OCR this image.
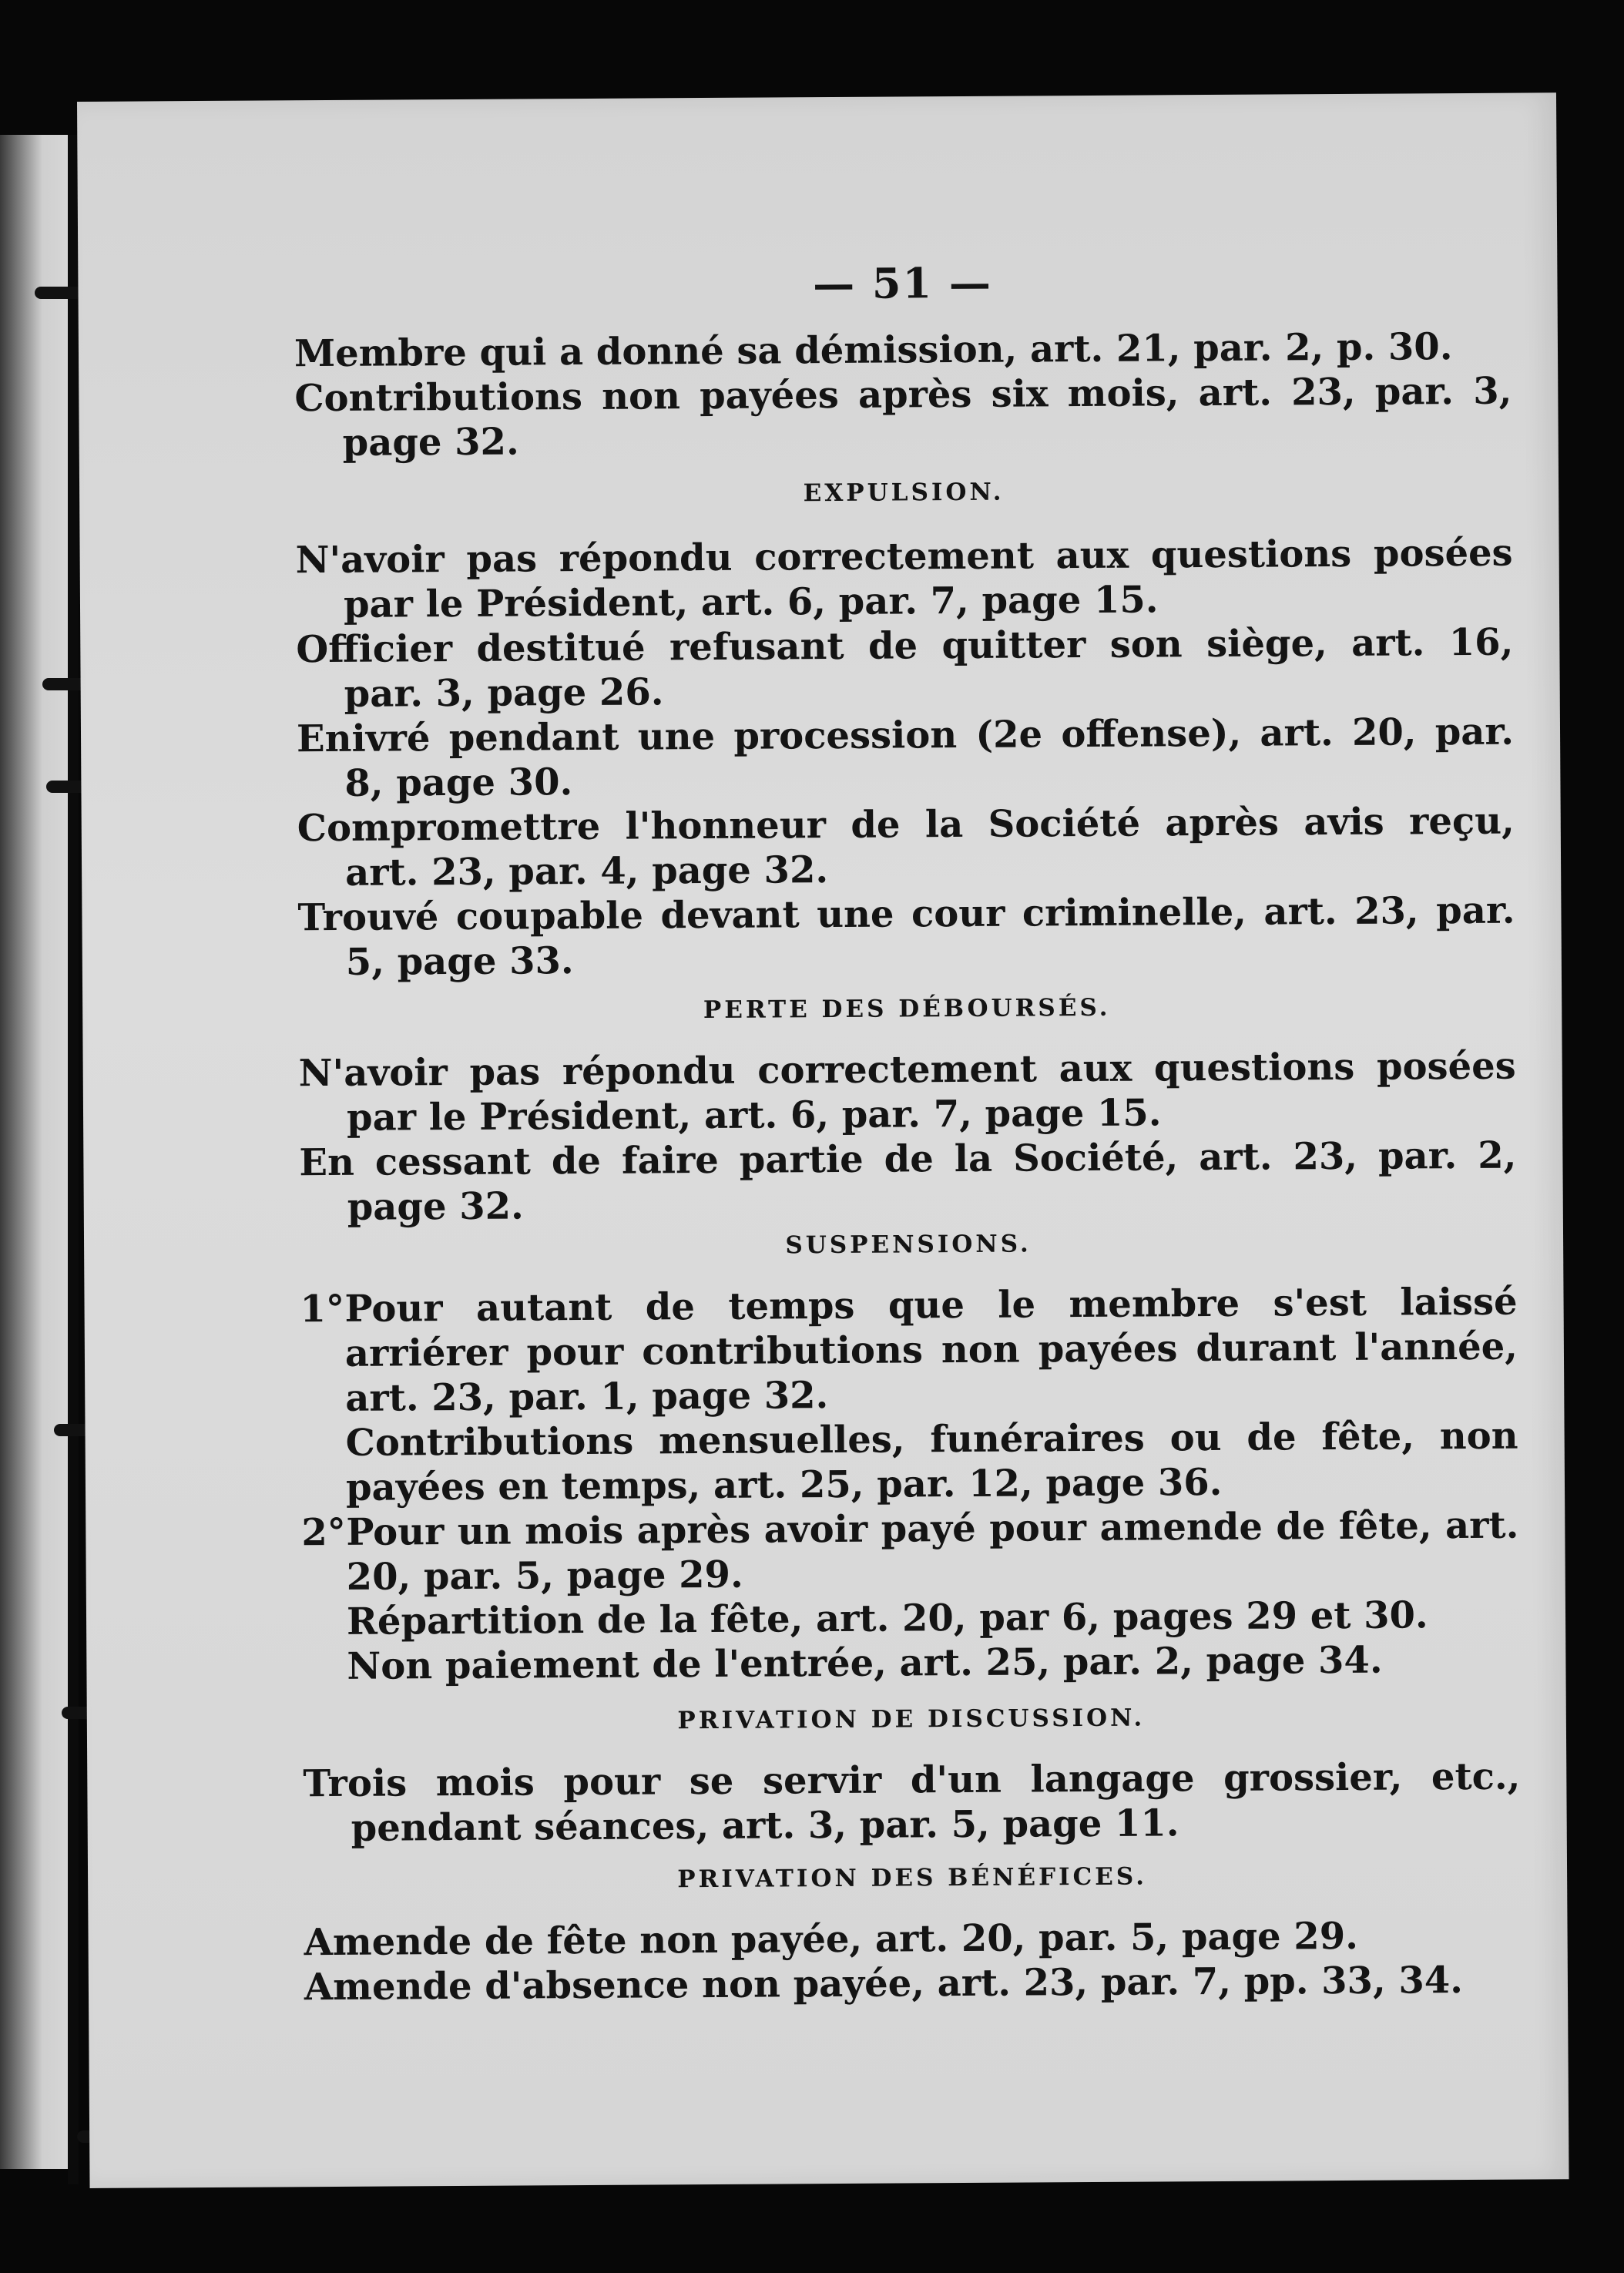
— 51 —

Membre qui a donné sa démission, art. 21, par. 2, p. 30.

Contributions non payées après six mois, art. 23, par. 3, page 32.

EXPULSION.

N'avoir pas répondu correctement aux questions posées par le Président, art. 6, par. 7, page 15.

Officier destitué refusant de quitter son siège, art. 16, par. 3, page 26.

Enivré pendant une procession (2e offense), art. 20, par. 8, page 30.

Compromettre l'honneur de la Société après avis reçu, art. 23, par. 4, page 32.

Trouvé coupable devant une cour criminelle, art. 23, par. 5, page 33.

PERTE DES DÉBOURSÉS.

N'avoir pas répondu correctement aux questions posées par le Président, art. 6, par. 7, page 15.

En cessant de faire partie de la Société, art. 23, par. 2, page 32.

SUSPENSIONS.
1° Pour autant de temps que le membre s'est laissé arriérer pour contributions non payées durant l'année, art. 23, par. 1, page 32.

Contributions mensuelles, funéraires ou de fête, non payées en temps, art. 25, par. 12, page 36.

2° Pour un mois après avoir payé pour amende de fête, art. 20, par. 5, page 29.

Répartition de la fête, art. 20, par 6, pages 29 et 30.

Non paiement de l'entrée, art. 25, par. 2, page 34.

PRIVATION DE DISCUSSION.

Trois mois pour se servir d'un langage grossier, etc., pendant séances, art. 3, par. 5, page 11.

PRIVATION DES BÉNÉFICES.

Amende de fête non payée, art. 20, par. 5, page 29.

Amende d'absence non payée, art. 23, par. 7, pp. 33, 34.
